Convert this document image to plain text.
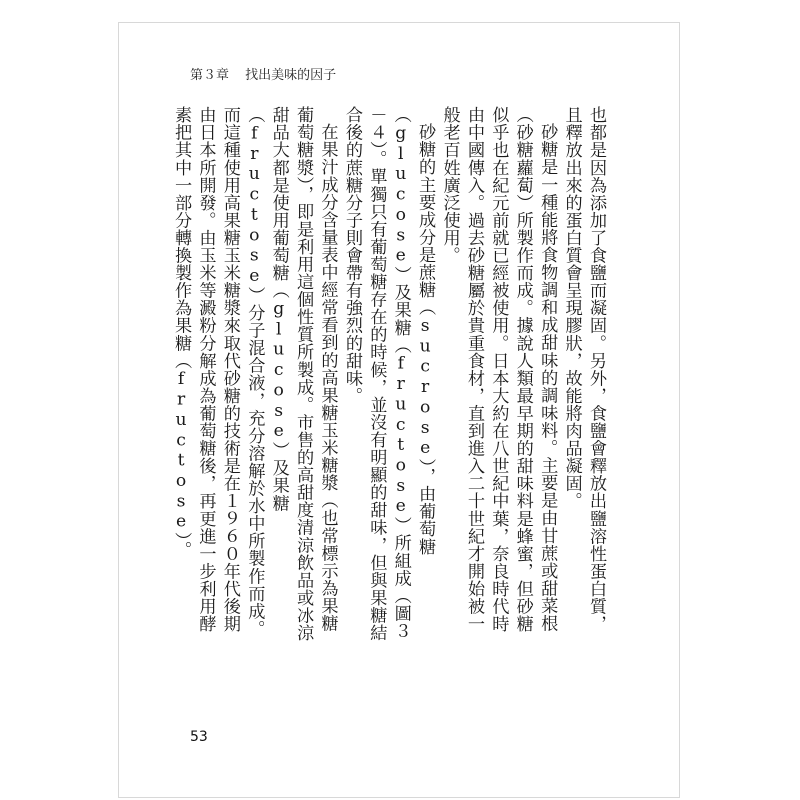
第３章 找出美味的因子

也都是因為添加了食鹽而凝固。另外，食鹽會釋放出鹽溶性蛋白質，且釋放出來的蛋白質會呈現膠狀，故能將肉品凝固。

砂糖是一種能將食物調和成甜味的調味料。主要是由甘蔗或甜菜根（砂糖蘿蔔）所製作而成。據說人類最早期的甜味料是蜂蜜，但砂糖似乎也在紀元前就已經被使用。日本大約在八世紀中葉，奈良時代時由中國傳入。過去砂糖屬於貴重食材，直到進入二十世紀才開始被一般老百姓廣泛使用。

砂糖的主要成分是蔗糖（sucrose），由葡萄糖（glucose）及果糖（fructose）所組成（圖３－４）。單獨只有葡萄糖存在的時候，並沒有明顯的甜味，但與果糖結合後的蔗糖分子則會帶有強烈的甜味。

在果汁成分含量表中經常看到的高果糖玉米糖漿（也常標示為果糖葡萄糖漿），即是利用這個性質所製成。市售的高甜度清涼飲品或冰涼甜品大都是使用葡萄糖（glucose）及果糖（fructose）分子混合液，充分溶解於水中所製作而成。而這種使用高果糖玉米糖漿來取代砂糖的技術是在１９６０年代後期由日本所開發。由玉米等澱粉分解成為葡萄糖後，再更進一步利用酵素把其中一部分轉換製作為果糖（fructose）。

53
